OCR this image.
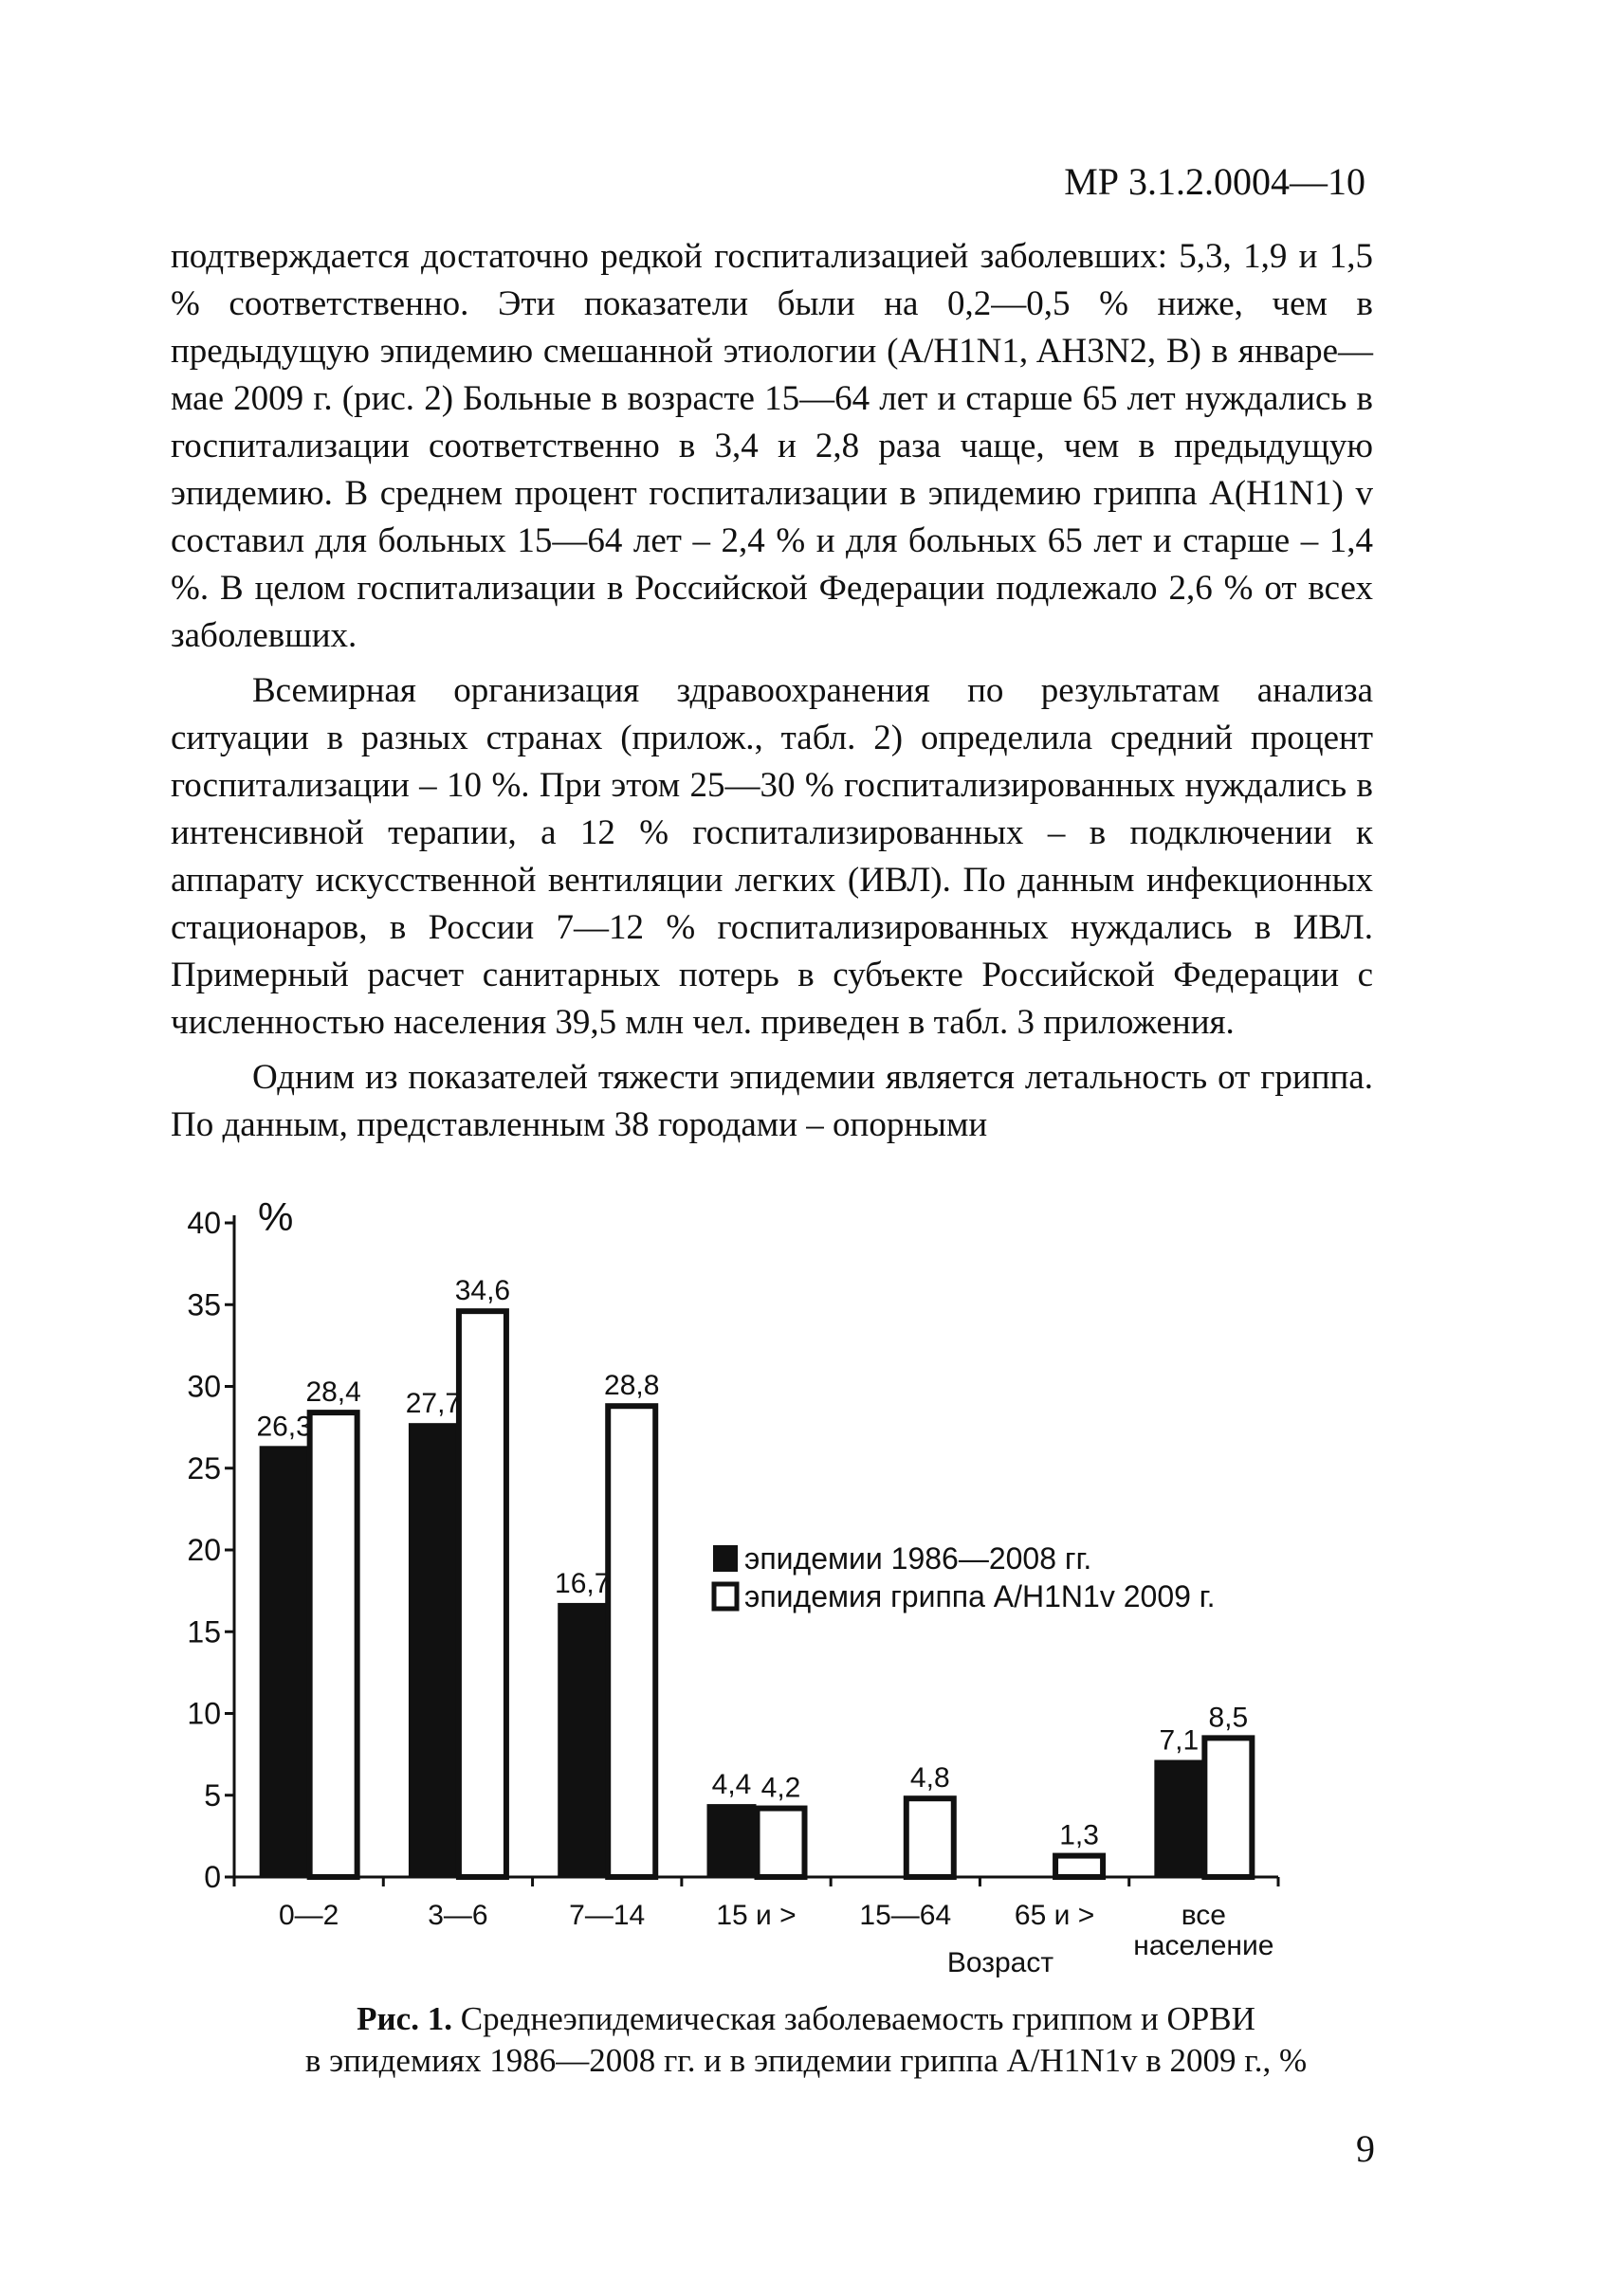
МР 3.1.2.0004—10

подтверждается достаточно редкой госпитализацией заболевших: 5,3, 1,9 и 1,5 % соответственно. Эти показатели были на 0,2—0,5 % ниже, чем в предыдущую эпидемию смешанной этиологии (A/H1N1, AH3N2, B) в январе—мае 2009 г. (рис. 2) Больные в возрасте 15—64 лет и старше 65 лет нуждались в госпитализации соответственно в 3,4 и 2,8 раза чаще, чем в предыдущую эпидемию. В среднем процент госпитализации в эпидемию гриппа A(H1N1) v составил для больных 15—64 лет – 2,4 % и для больных 65 лет и старше – 1,4 %. В целом госпитализации в Российской Федерации подлежало 2,6 % от всех заболевших.

Всемирная организация здравоохранения по результатам анализа ситуации в разных странах (прилож., табл. 2) определила средний процент госпитализации – 10 %. При этом 25—30 % госпитализированных нуждались в интенсивной терапии, а 12 % госпитализированных – в подключении к аппарату искусственной вентиляции легких (ИВЛ). По данным инфекционных стационаров, в России 7—12 % госпитализированных нуждались в ИВЛ. Примерный расчет санитарных потерь в субъекте Российской Федерации с численностью населения 39,5 млн чел. приведен в табл. 3 приложения.

Одним из показателей тяжести эпидемии является летальность от гриппа. По данным, представленным 38 городами – опорными

0
5
10
15
20
25
30
35
40
0—2	3—6	7—14	15 и > 15—64 65 и >	все население
26,3
27,7
16,7
4,4
7,1
28,4
34,6
28,8
4,2	4,8
1,3
8,5
эпидемии 1986—2008 гг.
эпидемия гриппа A/H1N1v 2009 г.
%
Возраст
Рис. 1. Среднеэпидемическая заболеваемость гриппом и ОРВИ
в эпидемиях 1986—2008 гг. и в эпидемии гриппа A/H1N1v в 2009 г., %
9
